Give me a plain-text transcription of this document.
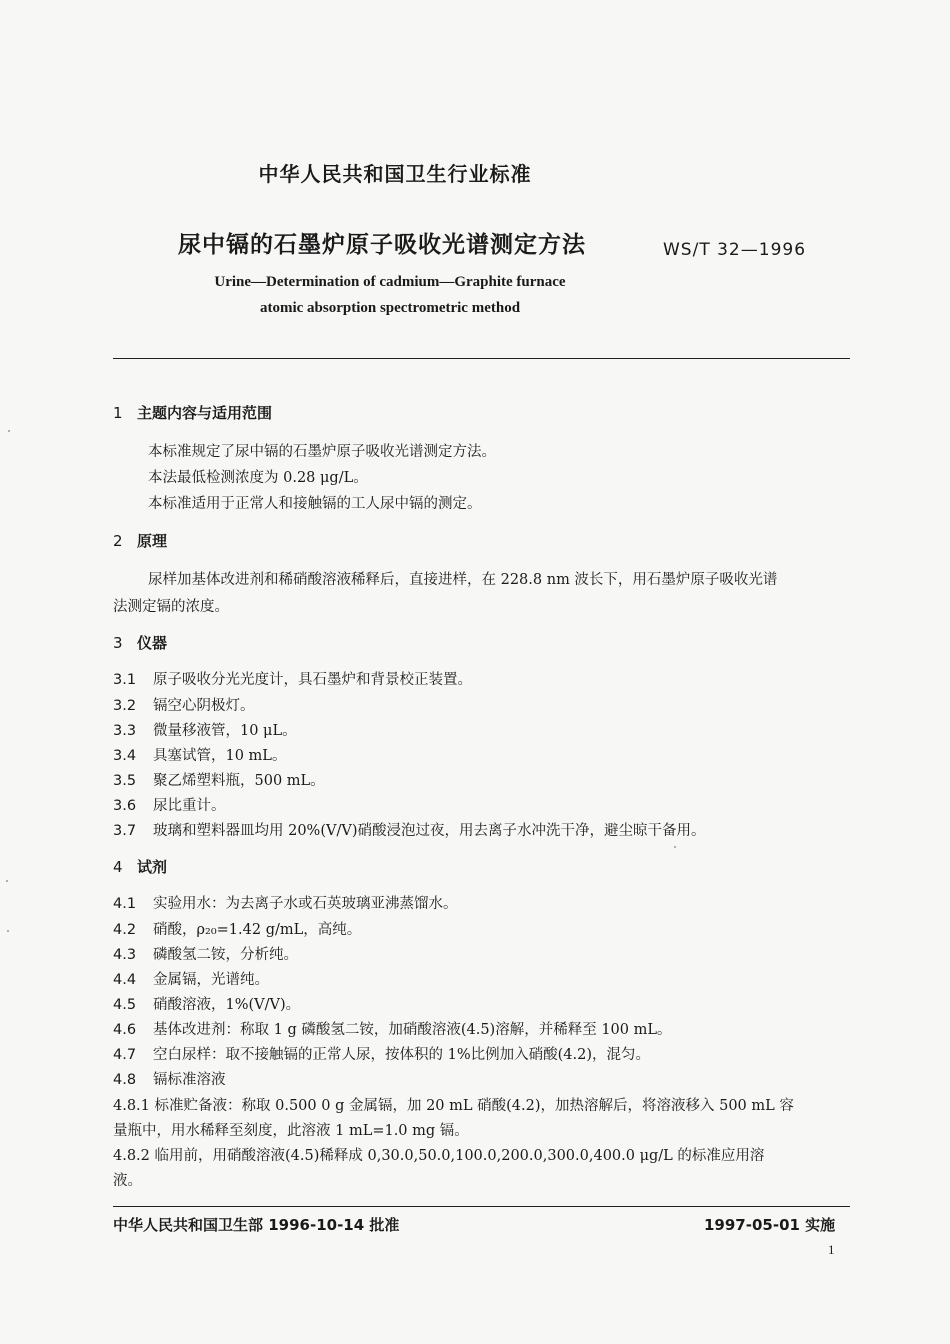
中华人民共和国卫生行业标准
尿中镉的石墨炉原子吸收光谱测定方法	WS/T 32—1996
Urine—Determination of cadmium—Graphite furnace
atomic absorption spectrometric method
1 主题内容与适用范围
本标准规定了尿中镉的石墨炉原子吸收光谱测定方法。
本法最低检测浓度为 0.28 μg/L。
本标准适用于正常人和接触镉的工人尿中镉的测定。
2 原理
尿样加基体改进剂和稀硝酸溶液稀释后，直接进样，在 228.8 nm 波长下，用石墨炉原子吸收光谱
法测定镉的浓度。
3 仪器
3.1 原子吸收分光光度计，具石墨炉和背景校正装置。
3.2 镉空心阴极灯。
3.3 微量移液管，10 μL。
3.4 具塞试管，10 mL。
3.5 聚乙烯塑料瓶，500 mL。
3.6 尿比重计。
3.7 玻璃和塑料器皿均用 20%(V/V)硝酸浸泡过夜，用去离子水冲洗干净，避尘晾干备用。
4 试剂
4.1 实验用水：为去离子水或石英玻璃亚沸蒸馏水。
4.2 硝酸，ρ₂₀=1.42 g/mL，高纯。
4.3 磷酸氢二铵，分析纯。
4.4 金属镉，光谱纯。
4.5 硝酸溶液，1%(V/V)。
4.6 基体改进剂：称取 1 g 磷酸氢二铵，加硝酸溶液(4.5)溶解，并稀释至 100 mL。
4.7 空白尿样：取不接触镉的正常人尿，按体积的 1%比例加入硝酸(4.2)，混匀。
4.8 镉标准溶液
4.8.1 标准贮备液：称取 0.500 0 g 金属镉，加 20 mL 硝酸(4.2)，加热溶解后，将溶液移入 500 mL 容
量瓶中，用水稀释至刻度，此溶液 1 mL=1.0 mg 镉。
4.8.2 临用前，用硝酸溶液(4.5)稀释成 0,30.0,50.0,100.0,200.0,300.0,400.0 μg/L 的标准应用溶
液。
中华人民共和国卫生部 1996-10-14 批准	1997-05-01 实施
1
